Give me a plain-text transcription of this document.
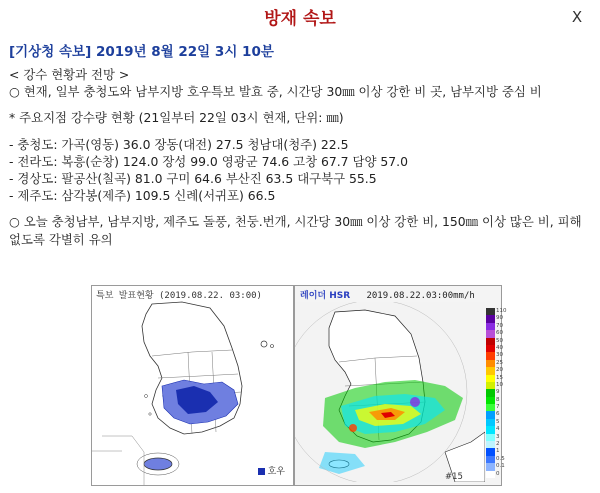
방재 속보	X
[기상청 속보] 2019년 8월 22일 3시 10분
< 강수 현황과 전망 >
○ 현재, 일부 충청도와 남부지방 호우특보 발효 중, 시간당 30㎜ 이상 강한 비 곳, 남부지방 중심 비
* 주요지점 강수량 현황 (21일부터 22일 03시 현재, 단위: ㎜)
- 충청도: 가곡(영동) 36.0 장동(대전) 27.5 청남대(청주) 22.5
- 전라도: 복흥(순창) 124.0 장성 99.0 영광군 74.6 고창 67.7 담양 57.0
- 경상도: 팔공산(칠곡) 81.0 구미 64.6 부산진 63.5 대구북구 55.5
- 제주도: 삼각봉(제주) 109.5 신례(서귀포) 66.5
○ 오늘 충청남부, 남부지방, 제주도 돌풍, 천둥.번개, 시간당 30㎜ 이상 강한 비, 150㎜ 이상 많은 비, 피해 없도록 각별히 유의
특보 발표현황 (2019.08.22. 03:00)
호우
레이더 HSR 2019.08.22.03:00mm/h
110
90
70
60
50
40
30
25
20
15
10
9
8
7
6
5
4
3
2
1
0.5
0.1
0
#15
